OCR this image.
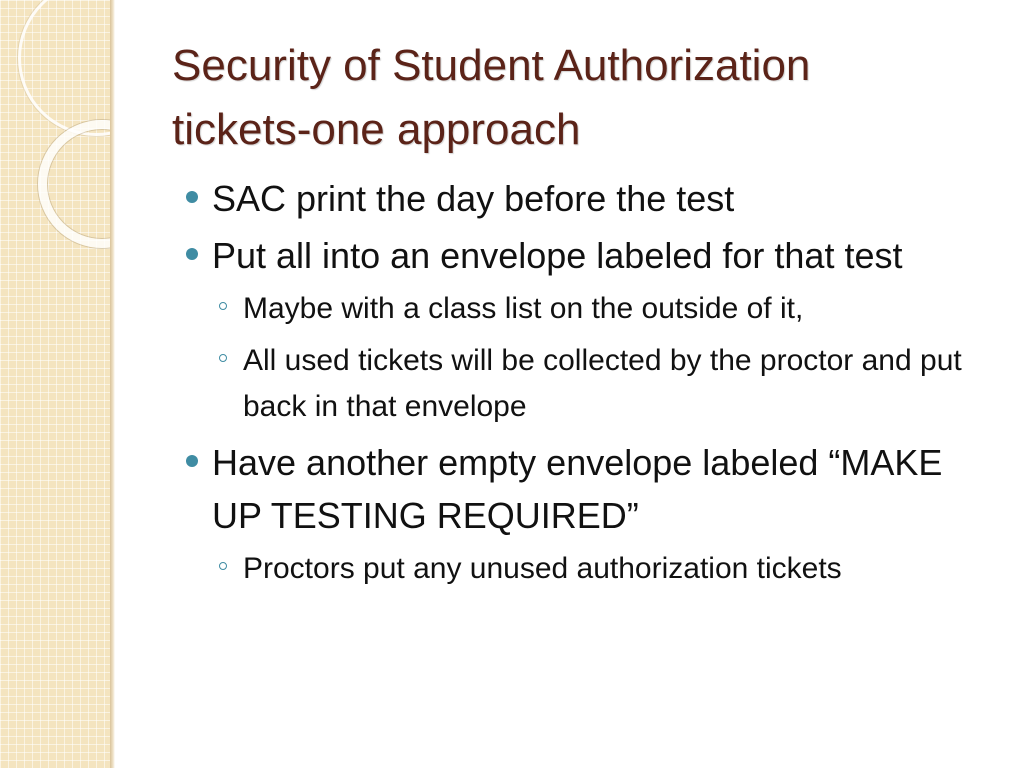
Security of Student Authorization
tickets-one approach
SAC print the day before the test
Put all into an envelope labeled for that test
Maybe with a class list on the outside of it,
All used tickets will be collected by the proctor and put back in that envelope
Have another empty envelope labeled “MAKE UP TESTING REQUIRED”
Proctors put any unused authorization tickets
